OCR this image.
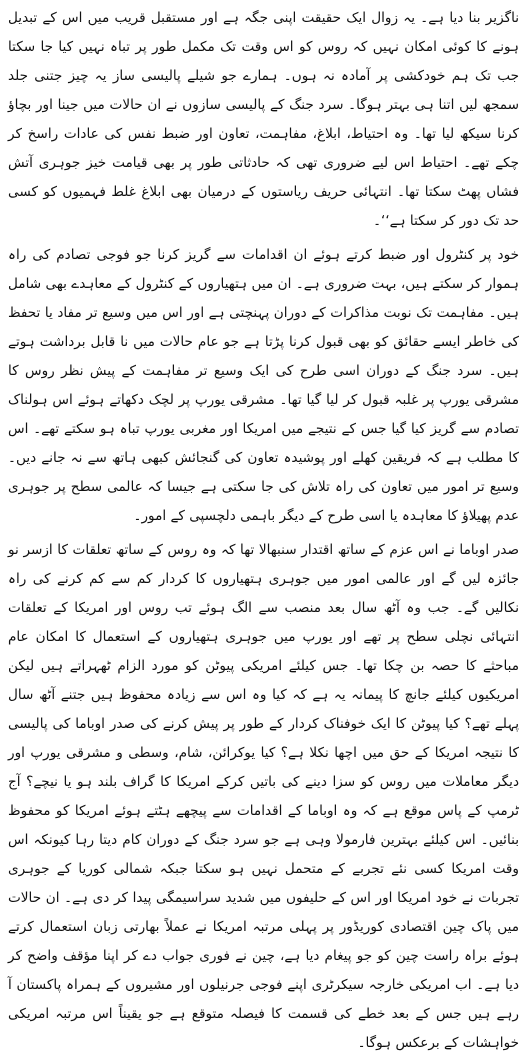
ناگزیر بنا دیا ہے۔ یہ زوال ایک حقیقت اپنی جگہ ہے اور مستقبل قریب میں اس کے تبدیل ہونے کا کوئی امکان نہیں کہ روس کو اس وقت تک مکمل طور پر تباہ نہیں کیا جا سکتا جب تک ہم خودکشی پر آمادہ نہ ہوں۔ ہمارے جو شیلے پالیسی ساز یہ چیز جتنی جلد سمجھ لیں اتنا ہی بہتر ہوگا۔ سرد جنگ کے پالیسی سازوں نے ان حالات میں جینا اور بچاؤ کرنا سیکھ لیا تھا۔ وہ احتیاط، ابلاغ، مفاہمت، تعاون اور ضبط نفس کی عادات راسخ کر چکے تھے۔ احتیاط اس لیے ضروری تھی کہ حادثاتی طور پر بھی قیامت خیز جوہری آتش فشاں پھٹ سکتا تھا۔ انتہائی حریف ریاستوں کے درمیان بھی ابلاغ غلط فہمیوں کو کسی حد تک دور کر سکتا ہے‘‘۔

خود پر کنٹرول اور ضبط کرتے ہوئے ان اقدامات سے گریز کرنا جو فوجی تصادم کی راہ ہموار کر سکتے ہیں، بہت ضروری ہے۔ ان میں ہتھیاروں کے کنٹرول کے معاہدے بھی شامل ہیں۔ مفاہمت تک نوبت مذاکرات کے دوران پہنچتی ہے اور اس میں وسیع تر مفاد یا تحفظ کی خاطر ایسے حقائق کو بھی قبول کرنا پڑتا ہے جو عام حالات میں نا قابل برداشت ہوتے ہیں۔ سرد جنگ کے دوران اسی طرح کی ایک وسیع تر مفاہمت کے پیش نظر روس کا مشرقی یورپ پر غلبہ قبول کر لیا گیا تھا۔ مشرقی یورپ پر لچک دکھاتے ہوئے اس ہولناک تصادم سے گریز کیا گیا جس کے نتیجے میں امریکا اور مغربی یورپ تباہ ہو سکتے تھے۔ اس کا مطلب ہے کہ فریقین کھلے اور پوشیدہ تعاون کی گنجائش کبھی ہاتھ سے نہ جانے دیں۔ وسیع تر امور میں تعاون کی راہ تلاش کی جا سکتی ہے جیسا کہ عالمی سطح پر جوہری عدم پھیلاؤ کا معاہدہ یا اسی طرح کے دیگر باہمی دلچسپی کے امور۔

صدر اوباما نے اس عزم کے ساتھ اقتدار سنبھالا تھا کہ وہ روس کے ساتھ تعلقات کا ازسر نو جائزہ لیں گے اور عالمی امور میں جوہری ہتھیاروں کا کردار کم سے کم کرنے کی راہ نکالیں گے۔ جب وہ آٹھ سال بعد منصب سے الگ ہوئے تب روس اور امریکا کے تعلقات انتہائی نچلی سطح پر تھے اور یورپ میں جوہری ہتھیاروں کے استعمال کا امکان عام مباحثے کا حصہ بن چکا تھا۔ جس کیلئے امریکی پیوٹن کو مورد الزام ٹھہراتے ہیں لیکن امریکیوں کیلئے جانچ کا پیمانہ یہ ہے کہ کیا وہ اس سے زیادہ محفوظ ہیں جتنے آٹھ سال پہلے تھے؟ کیا پیوٹن کا ایک خوفناک کردار کے طور پر پیش کرنے کی صدر اوباما کی پالیسی کا نتیجہ امریکا کے حق میں اچھا نکلا ہے؟ کیا یوکرائن، شام، وسطی و مشرقی یورپ اور دیگر معاملات میں روس کو سزا دینے کی باتیں کرکے امریکا کا گراف بلند ہو یا نیچے؟ آج ٹرمپ کے پاس موقع ہے کہ وہ اوباما کے اقدامات سے پیچھے ہٹتے ہوئے امریکا کو محفوظ بنائیں۔ اس کیلئے بہترین فارمولا وہی ہے جو سرد جنگ کے دوران کام دیتا رہا کیونکہ اس وقت امریکا کسی نئے تجربے کے متحمل نہیں ہو سکتا جبکہ شمالی کوریا کے جوہری تجربات نے خود امریکا اور اس کے حلیفوں میں شدید سراسیمگی پیدا کر دی ہے۔ ان حالات میں پاک چین اقتصادی کوریڈور پر پہلی مرتبہ امریکا نے عملاً بھارتی زبان استعمال کرتے ہوئے براہ راست چین کو جو پیغام دیا ہے، چین نے فوری جواب دے کر اپنا مؤقف واضح کر دیا ہے۔ اب امریکی خارجہ سیکرٹری اپنے فوجی جرنیلوں اور مشیروں کے ہمراہ پاکستان آ رہے ہیں جس کے بعد خطے کی قسمت کا فیصلہ متوقع ہے جو یقیناً اس مرتبہ امریکی خواہشات کے برعکس ہوگا۔
